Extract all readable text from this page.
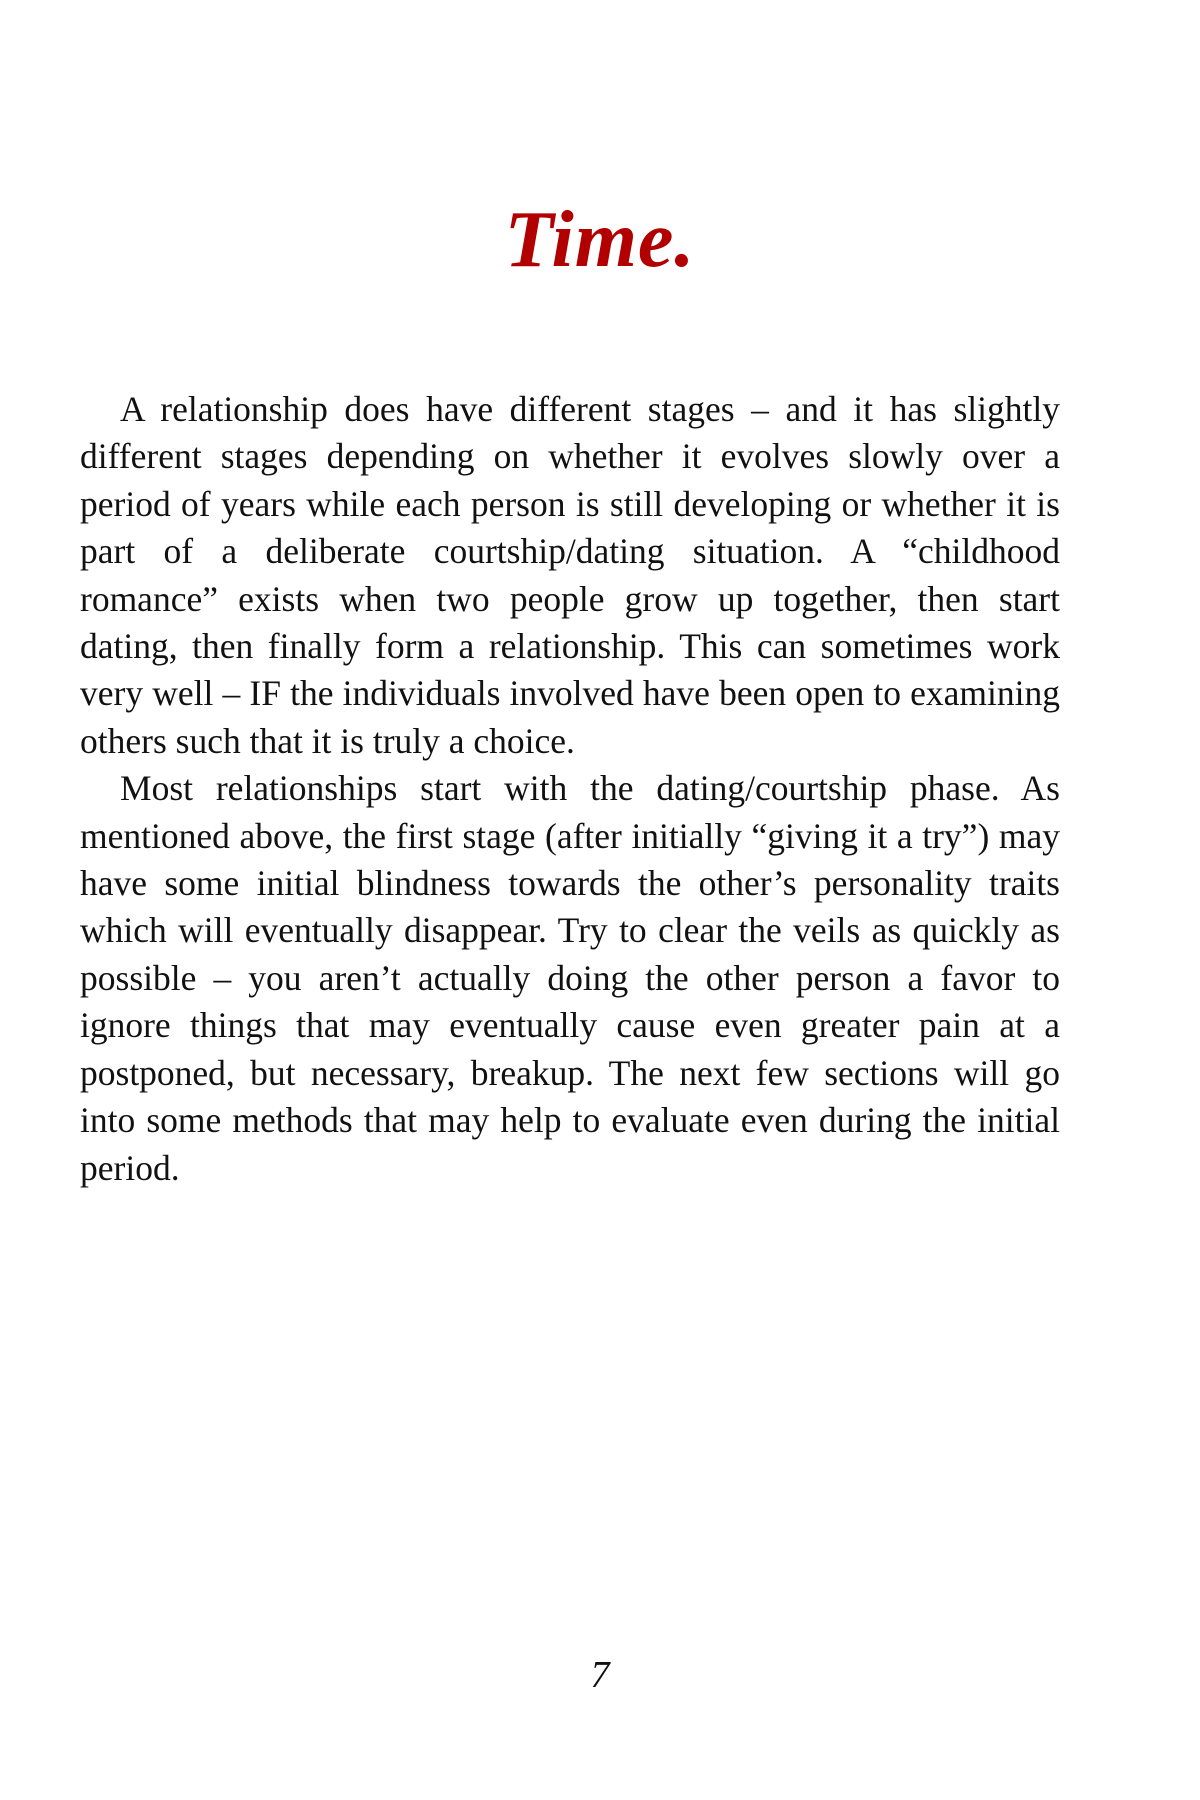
Time.

A relationship does have different stages – and it has slightly different stages depending on whether it evolves slowly over a period of years while each person is still developing or whether it is part of a deliberate courtship/dating situation. A “childhood romance” exists when two people grow up together, then start dating, then finally form a relationship. This can sometimes work very well – IF the individuals involved have been open to examining others such that it is truly a choice.

Most relationships start with the dating/courtship phase. As mentioned above, the first stage (after initially “giving it a try”) may have some initial blindness towards the other’s personality traits which will eventually disappear. Try to clear the veils as quickly as possible – you aren’t actually doing the other person a favor to ignore things that may eventually cause even greater pain at a postponed, but necessary, breakup. The next few sections will go into some methods that may help to evaluate even during the initial period.

7
